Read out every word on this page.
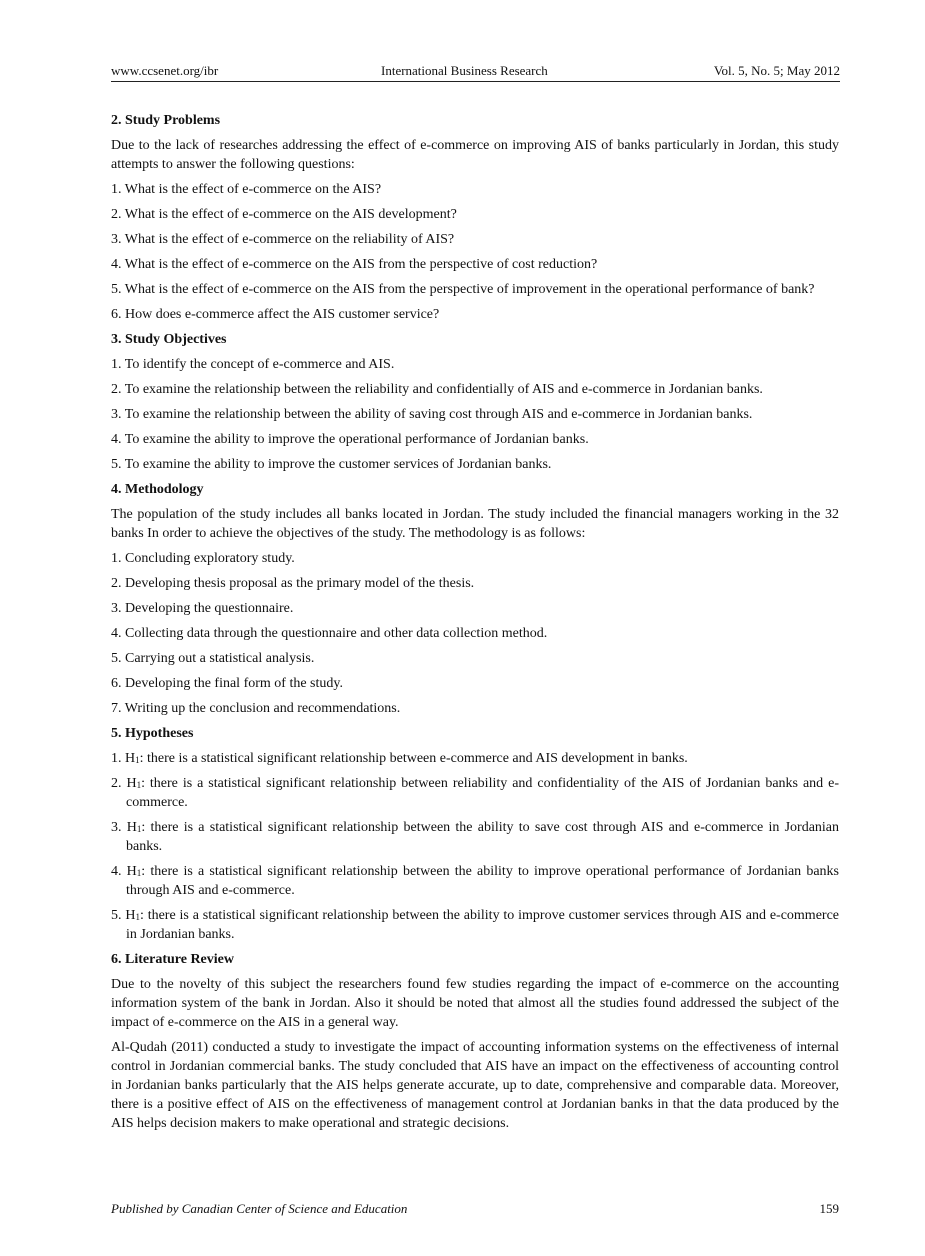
www.ccsenet.org/ibr	International Business Research	Vol. 5, No. 5; May 2012
2. Study Problems
Due to the lack of researches addressing the effect of e-commerce on improving AIS of banks particularly in Jordan, this study attempts to answer the following questions:
1. What is the effect of e-commerce on the AIS?
2. What is the effect of e-commerce on the AIS development?
3. What is the effect of e-commerce on the reliability of AIS?
4. What is the effect of e-commerce on the AIS from the perspective of cost reduction?
5. What is the effect of e-commerce on the AIS from the perspective of improvement in the operational performance of bank?
6. How does e-commerce affect the AIS customer service?
3. Study Objectives
1. To identify the concept of e-commerce and AIS.
2. To examine the relationship between the reliability and confidentially of AIS and e-commerce in Jordanian banks.
3. To examine the relationship between the ability of saving cost through AIS and e-commerce in Jordanian banks.
4. To examine the ability to improve the operational performance of Jordanian banks.
5. To examine the ability to improve the customer services of Jordanian banks.
4. Methodology
The population of the study includes all banks located in Jordan. The study included the financial managers working in the 32 banks In order to achieve the objectives of the study. The methodology is as follows:
1. Concluding exploratory study.
2. Developing thesis proposal as the primary model of the thesis.
3. Developing the questionnaire.
4. Collecting data through the questionnaire and other data collection method.
5. Carrying out a statistical analysis.
6. Developing the final form of the study.
7. Writing up the conclusion and recommendations.
5. Hypotheses
1. $H_1$: there is a statistical significant relationship between e-commerce and AIS development in banks.
2. $H_1$: there is a statistical significant relationship between reliability and confidentiality of the AIS of Jordanian banks and e-commerce.
3. $H_1$: there is a statistical significant relationship between the ability to save cost through AIS and e-commerce in Jordanian banks.
4. $H_1$: there is a statistical significant relationship between the ability to improve operational performance of Jordanian banks through AIS and e-commerce.
5. $H_1$: there is a statistical significant relationship between the ability to improve customer services through AIS and e-commerce in Jordanian banks.
6. Literature Review
Due to the novelty of this subject the researchers found few studies regarding the impact of e-commerce on the accounting information system of the bank in Jordan. Also it should be noted that almost all the studies found addressed the subject of the impact of e-commerce on the AIS in a general way.
Al-Qudah (2011) conducted a study to investigate the impact of accounting information systems on the effectiveness of internal control in Jordanian commercial banks. The study concluded that AIS have an impact on the effectiveness of accounting control in Jordanian banks particularly that the AIS helps generate accurate, up to date, comprehensive and comparable data. Moreover, there is a positive effect of AIS on the effectiveness of management control at Jordanian banks in that the data produced by the AIS helps decision makers to make operational and strategic decisions.
Published by Canadian Center of Science and Education	159
